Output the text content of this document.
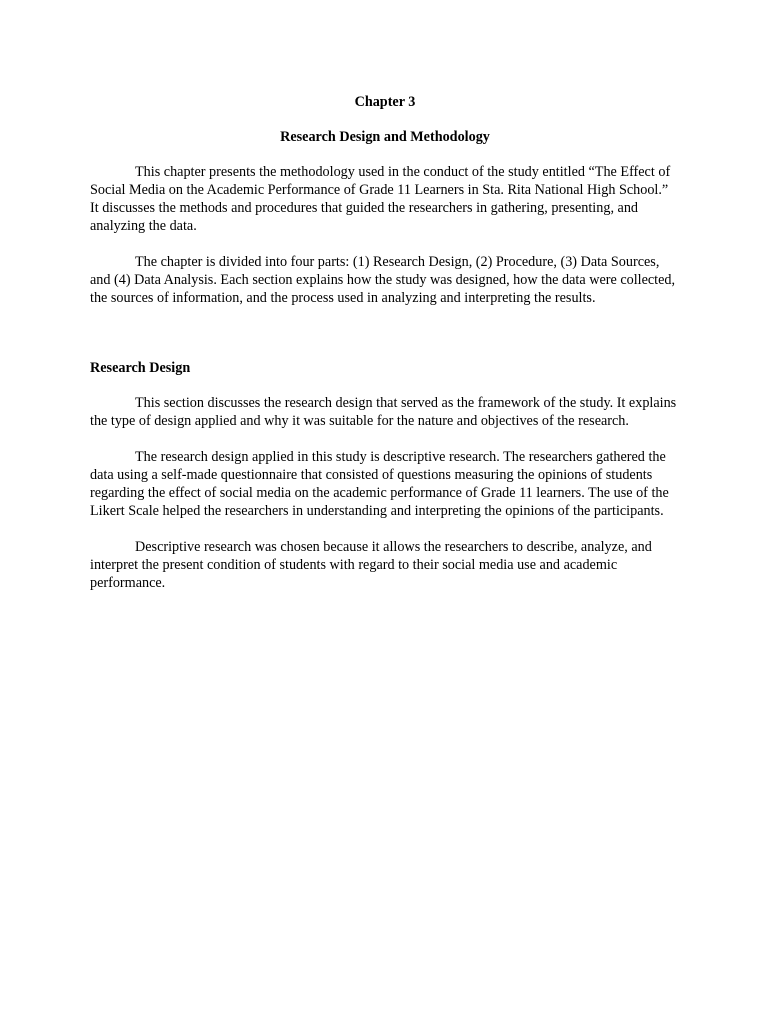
Chapter 3
Research Design and Methodology

This chapter presents the methodology used in the conduct of the study entitled “The Effect of Social Media on the Academic Performance of Grade 11 Learners in Sta. Rita National High School.” It discusses the methods and procedures that guided the researchers in gathering, presenting, and analyzing the data.

The chapter is divided into four parts: (1) Research Design, (2) Procedure, (3) Data Sources, and (4) Data Analysis. Each section explains how the study was designed, how the data were collected, the sources of information, and the process used in analyzing and interpreting the results.

Research Design

This section discusses the research design that served as the framework of the study. It explains the type of design applied and why it was suitable for the nature and objectives of the research.

The research design applied in this study is descriptive research. The researchers gathered the data using a self-made questionnaire that consisted of questions measuring the opinions of students regarding the effect of social media on the academic performance of Grade 11 learners. The use of the Likert Scale helped the researchers in understanding and interpreting the opinions of the participants.

Descriptive research was chosen because it allows the researchers to describe, analyze, and interpret the present condition of students with regard to their social media use and academic performance.
